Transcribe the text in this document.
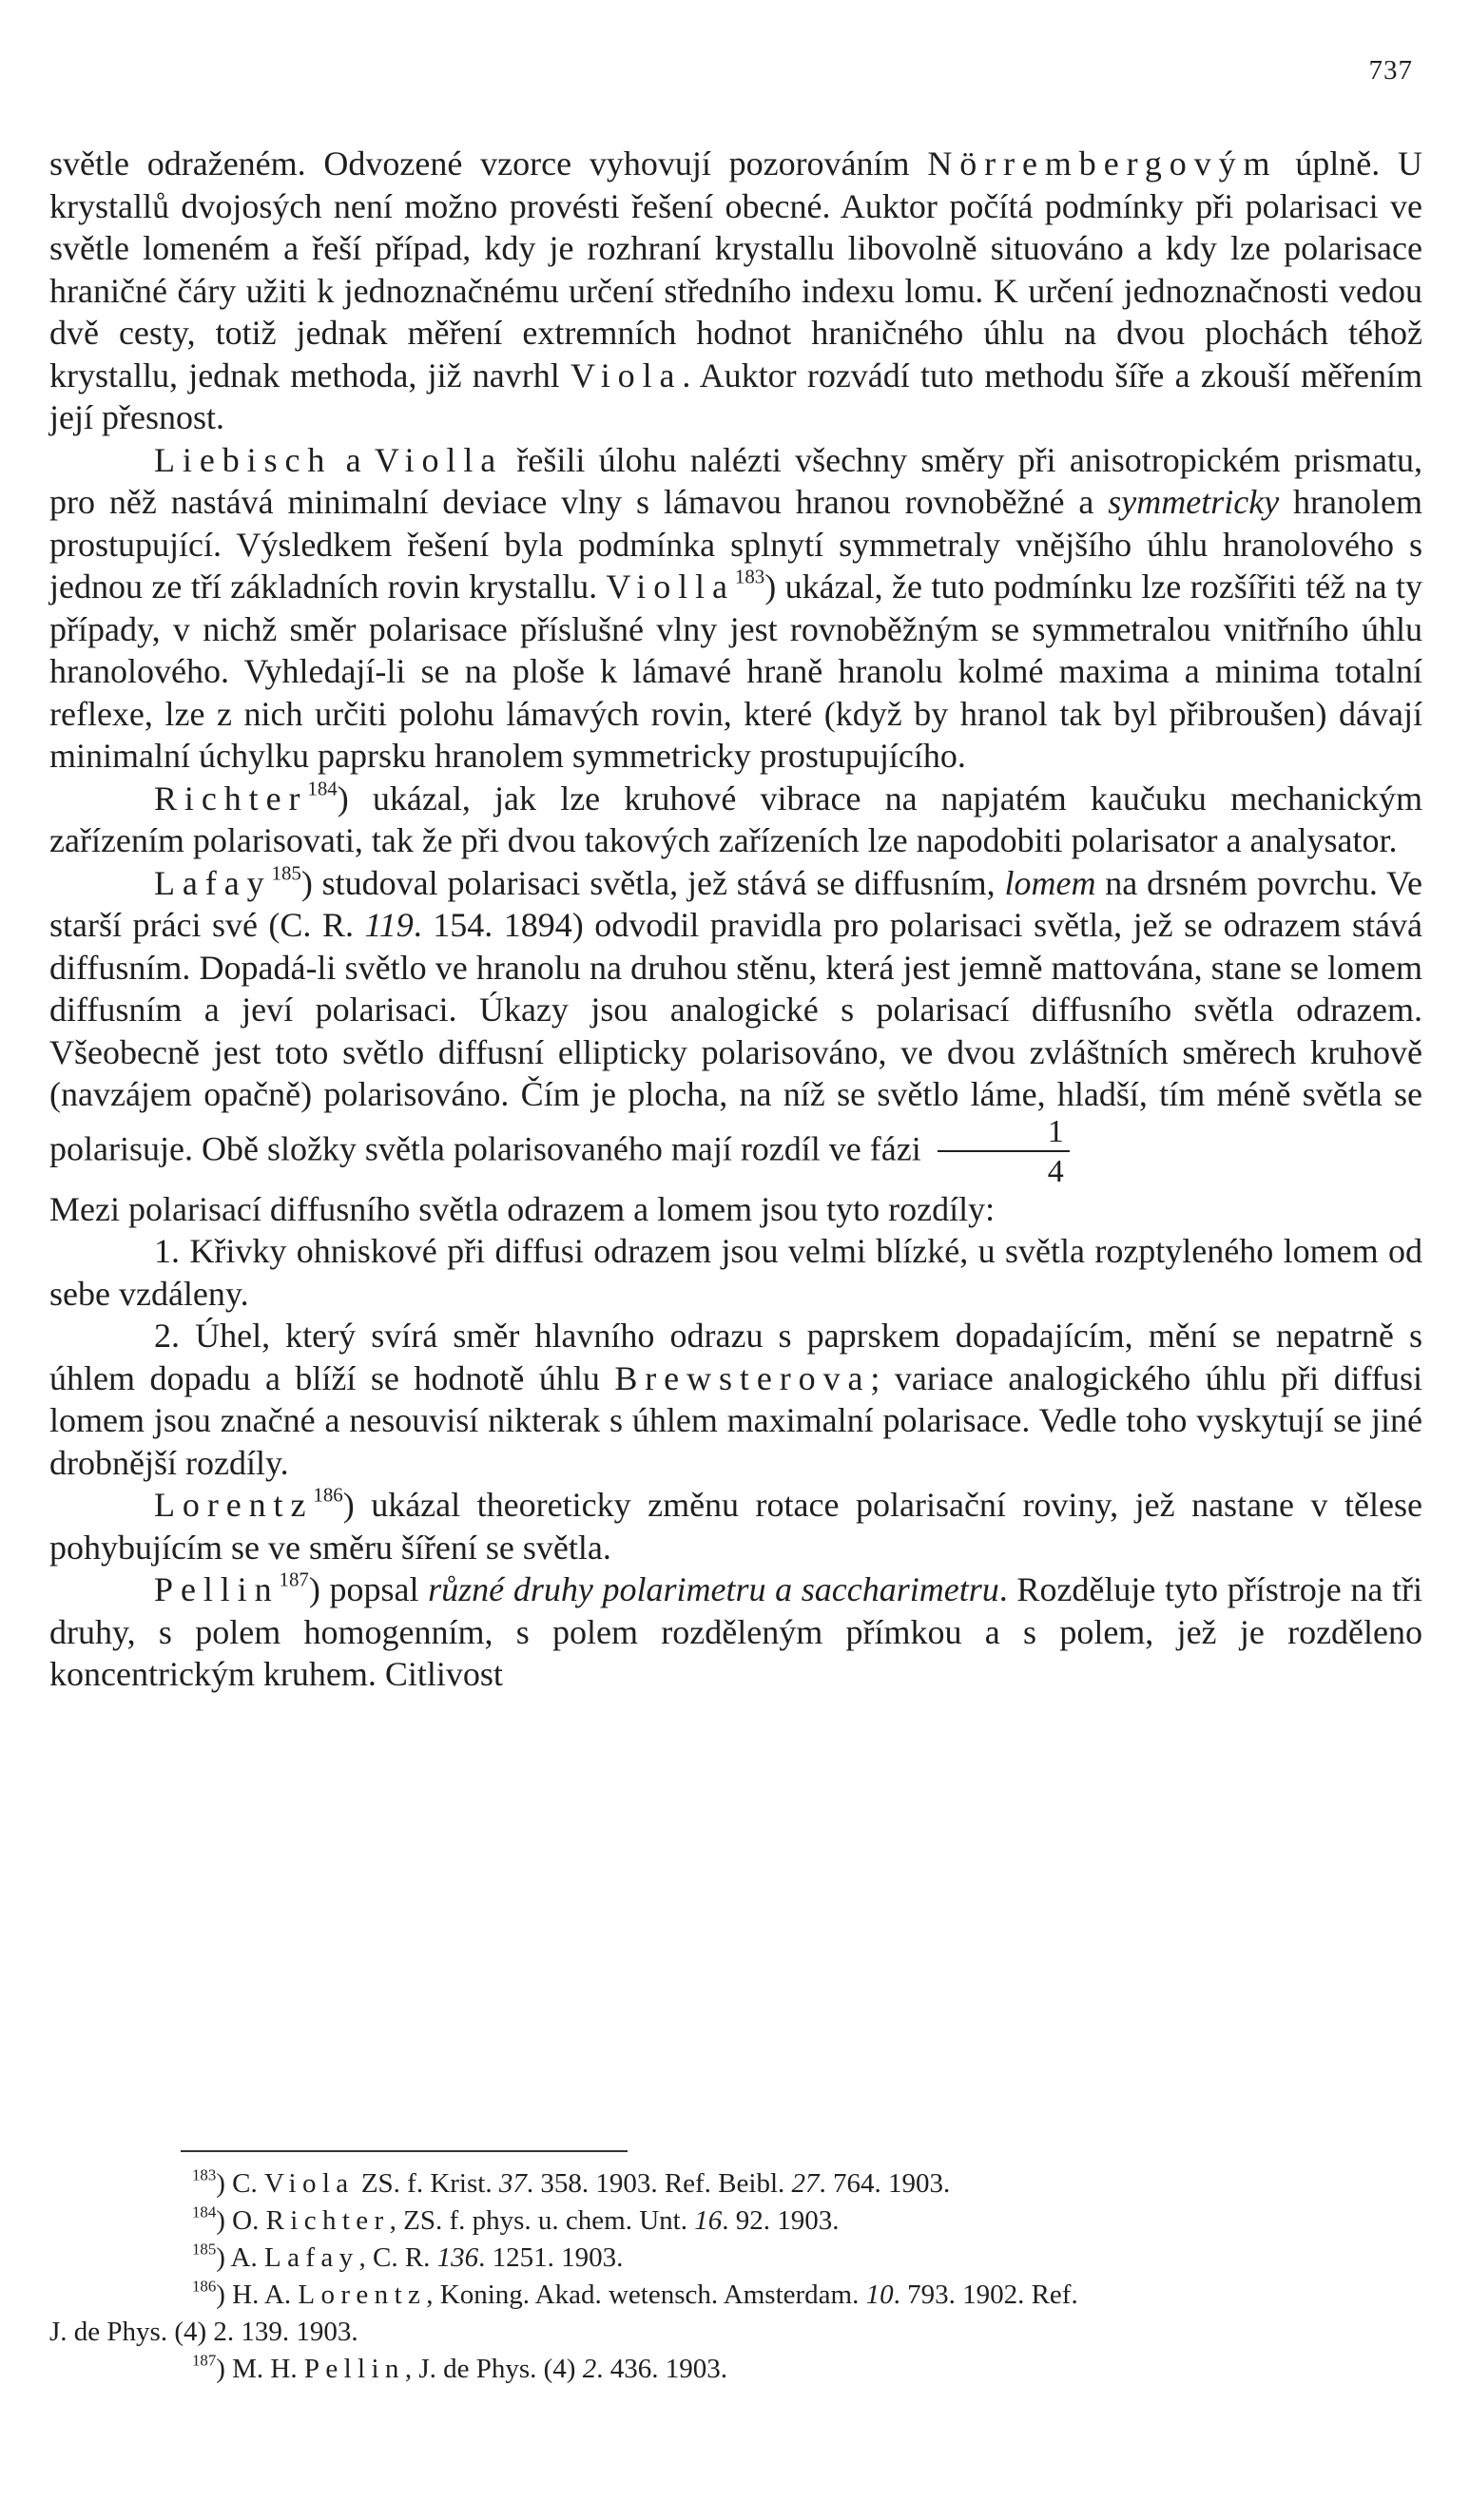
737

světle odraženém. Odvozené vzorce vyhovují pozorováním Nörrembergovým úplně. U krystallů dvojosých není možno provésti řešení obecné. Auktor počítá podmínky při polarisaci ve světle lomeném a řeší případ, kdy je rozhraní krystallu libovolně situováno a kdy lze polarisace hraničné čáry užiti k jednoznačnému určení středního indexu lomu. K určení jednoznačnosti vedou dvě cesty, totiž jednak měření extremních hodnot hraničného úhlu na dvou plochách téhož krystallu, jednak methoda, již navrhl Viola. Auktor rozvádí tuto methodu šíře a zkouší měřením její přesnost.

Liebisch a Violla řešili úlohu nalézti všechny směry při anisotropickém prismatu, pro něž nastává minimalní deviace vlny s lámavou hranou rovnoběžné a symmetricky hranolem prostupující. Výsledkem řešení byla podmínka splnytí symmetraly vnějšího úhlu hranolového s jednou ze tří základních rovin krystallu. Violla$^{183}$) ukázal, že tuto podmínku lze rozšířiti též na ty případy, v nichž směr polarisace příslušné vlny jest rovnoběžným se symmetralou vnitřního úhlu hranolového. Vyhledají-li se na ploše k lámavé hraně hranolu kolmé maxima a minima totalní reflexe, lze z nich určiti polohu lámavých rovin, které (když by hranol tak byl přibroušen) dávají minimalní úchylku paprsku hranolem symmetricky prostupujícího.

Richter$^{184}$) ukázal, jak lze kruhové vibrace na napjatém kaučuku mechanickým zařízením polarisovati, tak že při dvou takových zařízeních lze napodobiti polarisator a analysator.

Lafay$^{185}$) studoval polarisaci světla, jež stává se diffusním, lomem na drsném povrchu. Ve starší práci své (C. R. 119. 154. 1894) odvodil pravidla pro polarisaci světla, jež se odrazem stává diffusním. Dopadá-li světlo ve hranolu na druhou stěnu, která jest jemně mattována, stane se lomem diffusním a jeví polarisaci. Úkazy jsou analogické s polarisací diffusního světla odrazem. Všeobecně jest toto světlo diffusní ellipticky polarisováno, ve dvou zvláštních směrech kruhově (navzájem opačně) polarisováno. Čím je plocha, na níž se světlo láme, hladší, tím méně světla se polarisuje. Obě složky světla polarisovaného mají rozdíl ve fázi $\frac{1}{4}$

Mezi polarisací diffusního světla odrazem a lomem jsou tyto rozdíly:

1. Křivky ohniskové při diffusi odrazem jsou velmi blízké, u světla rozptyleného lomem od sebe vzdáleny.

2. Úhel, který svírá směr hlavního odrazu s paprskem dopadajícím, mění se nepatrně s úhlem dopadu a blíží se hodnotě úhlu Brewsterova; variace analogického úhlu při diffusi lomem jsou značné a nesouvisí nikterak s úhlem maximalní polarisace. Vedle toho vyskytují se jiné drobnější rozdíly.

Lorentz$^{186}$) ukázal theoreticky změnu rotace polarisační roviny, jež nastane v tělese pohybujícím se ve směru šíření se světla.

Pellin$^{187}$) popsal různé druhy polarimetru a saccharimetru. Rozděluje tyto přístroje na tři druhy, s polem homogenním, s polem rozděleným přímkou a s polem, jež je rozděleno koncentrickým kruhem. Citlivost

$^{183}$) C. Viola ZS. f. Krist. 37. 358. 1903. Ref. Beibl. 27. 764. 1903.

$^{184}$) O. Richter, ZS. f. phys. u. chem. Unt. 16. 92. 1903.

$^{185}$) A. Lafay, C. R. 136. 1251. 1903.

$^{186}$) H. A. Lorentz, Koning. Akad. wetensch. Amsterdam. 10. 793. 1902. Ref.

J. de Phys. (4) 2. 139. 1903.

$^{187}$) M. H. Pellin, J. de Phys. (4) 2. 436. 1903.
